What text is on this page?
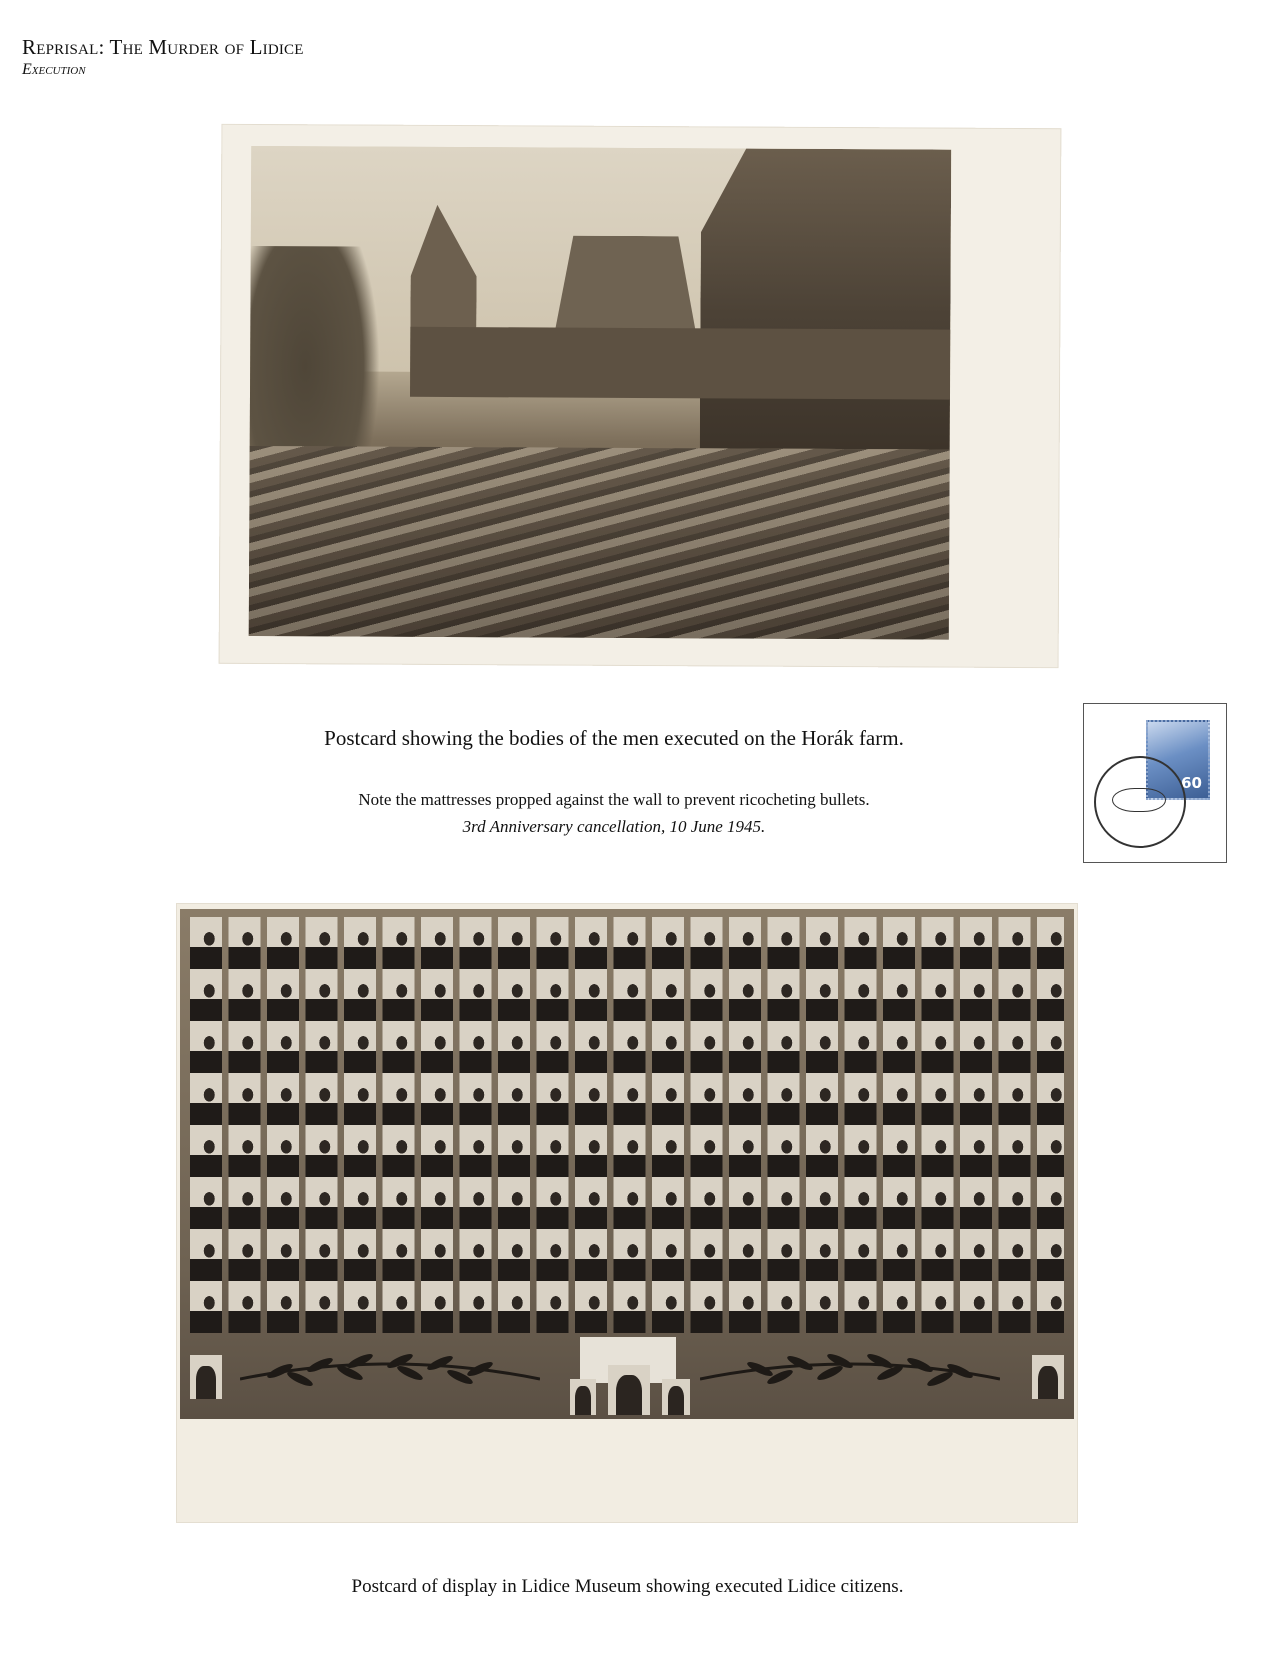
Reprisal: The Murder of Lidice
Execution
Postcard showing the bodies of the men executed on the Horák farm.
Note the mattresses propped against the wall to prevent ricocheting bullets.
3rd Anniversary cancellation, 10 June 1945.
60
Postcard of display in Lidice Museum showing executed Lidice citizens.
